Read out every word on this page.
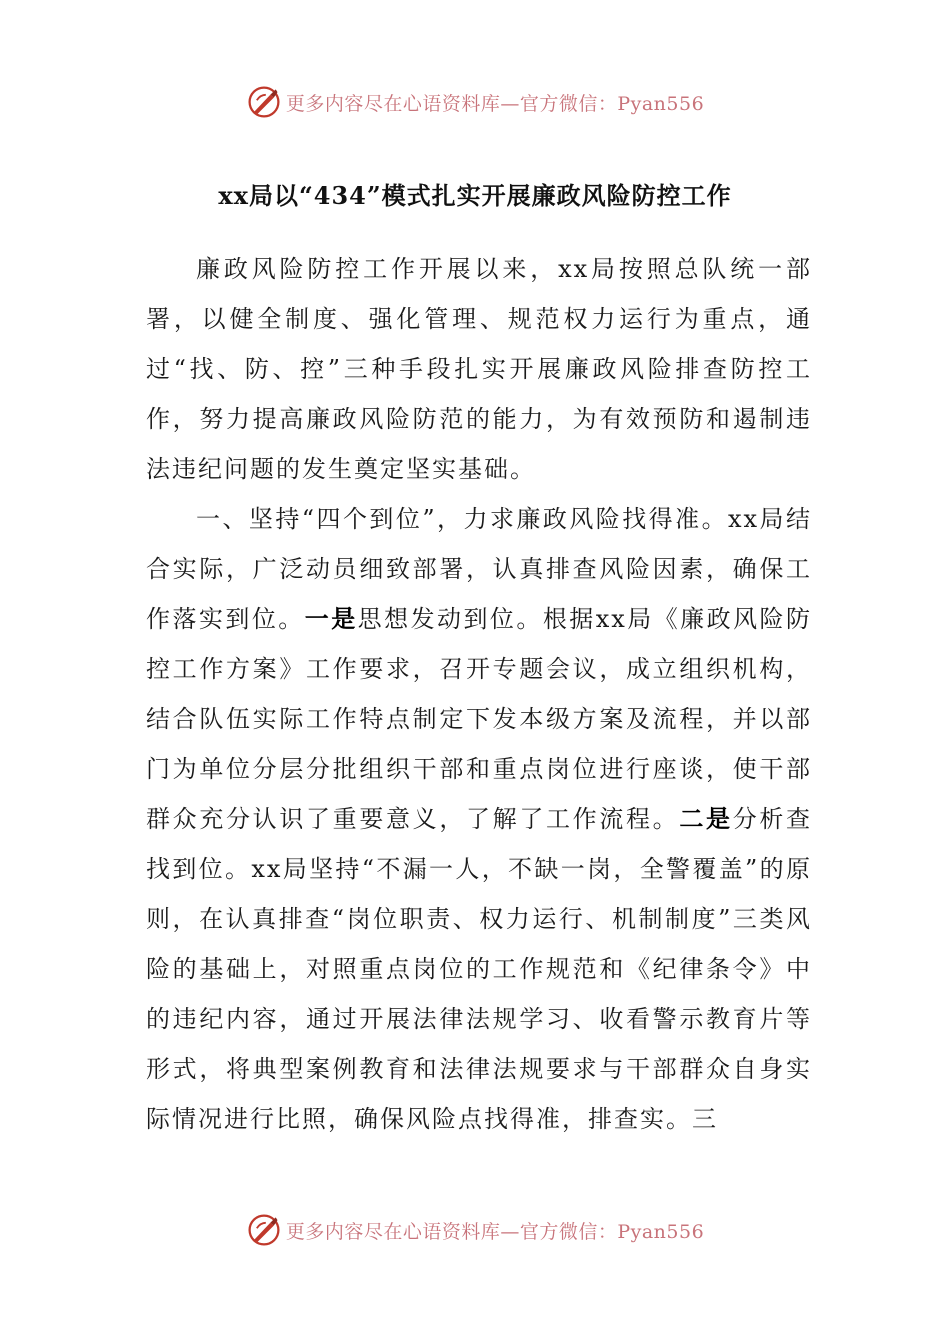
更多内容尽在心语资料库—官方微信：Pyan556
xx局以“434”模式扎实开展廉政风险防控工作

廉政风险防控工作开展以来，xx局按照总队统一部署，以健全制度、强化管理、规范权力运行为重点，通过“找、防、控”三种手段扎实开展廉政风险排查防控工作，努力提高廉政风险防范的能力，为有效预防和遏制违法违纪问题的发生奠定坚实基础。

一、坚持“四个到位”，力求廉政风险找得准。xx局结合实际，广泛动员细致部署，认真排查风险因素，确保工作落实到位。一是思想发动到位。根据xx局《廉政风险防控工作方案》工作要求，召开专题会议，成立组织机构，结合队伍实际工作特点制定下发本级方案及流程，并以部门为单位分层分批组织干部和重点岗位进行座谈，使干部群众充分认识了重要意义，了解了工作流程。二是分析查找到位。xx局坚持“不漏一人，不缺一岗，全警覆盖”的原则，在认真排查“岗位职责、权力运行、机制制度”三类风险的基础上，对照重点岗位的工作规范和《纪律条令》中的违纪内容，通过开展法律法规学习、收看警示教育片等形式，将典型案例教育和法律法规要求与干部群众自身实际情况进行比照，确保风险点找得准，排查实。三

更多内容尽在心语资料库—官方微信：Pyan556
